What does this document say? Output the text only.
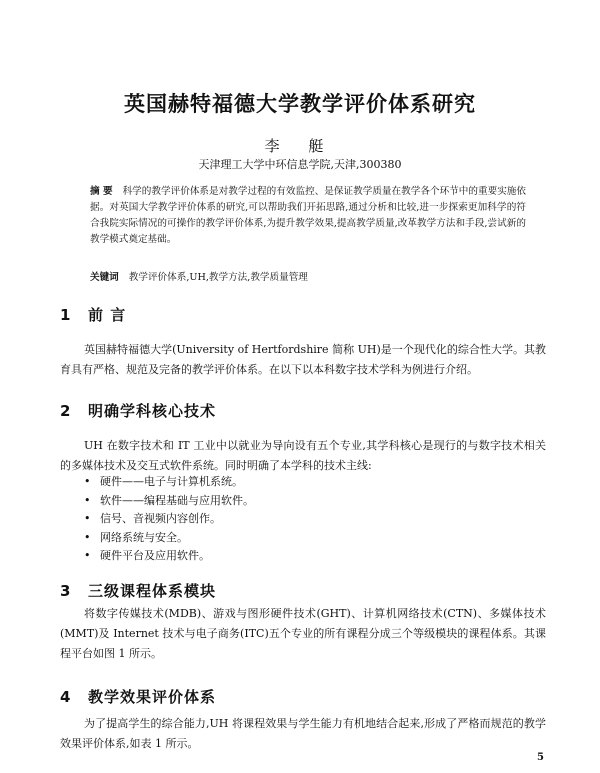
英国赫特福德大学教学评价体系研究
李 艇
天津理工大学中环信息学院,天津,300380
摘 要 科学的教学评价体系是对教学过程的有效监控、是保证教学质量在教学各个环节中的重要实施依据。对英国大学教学评价体系的研究,可以帮助我们开拓思路,通过分析和比较,进一步探索更加科学的符合我院实际情况的可操作的教学评价体系,为提升教学效果,提高教学质量,改革教学方法和手段,尝试新的教学模式奠定基础。
关键词 教学评价体系,UH,教学方法,教学质量管理
1 前 言
英国赫特福德大学(University of Hertfordshire 简称 UH)是一个现代化的综合性大学。其教育具有严格、规范及完备的教学评价体系。在以下以本科数字技术学科为例进行介绍。
2 明确学科核心技术
UH 在数字技术和 IT 工业中以就业为导向设有五个专业,其学科核心是现行的与数字技术相关的多媒体技术及交互式软件系统。同时明确了本学科的技术主线:
• 硬件——电子与计算机系统。
• 软件——编程基础与应用软件。
• 信号、音视频内容创作。
• 网络系统与安全。
• 硬件平台及应用软件。
3 三级课程体系模块
将数字传媒技术(MDB)、游戏与图形硬件技术(GHT)、计算机网络技术(CTN)、多媒体技术(MMT)及 Internet 技术与电子商务(ITC)五个专业的所有课程分成三个等级模块的课程体系。其课程平台如图 1 所示。
4 教学效果评价体系
为了提高学生的综合能力,UH 将课程效果与学生能力有机地结合起来,形成了严格而规范的教学效果评价体系,如表 1 所示。
5
